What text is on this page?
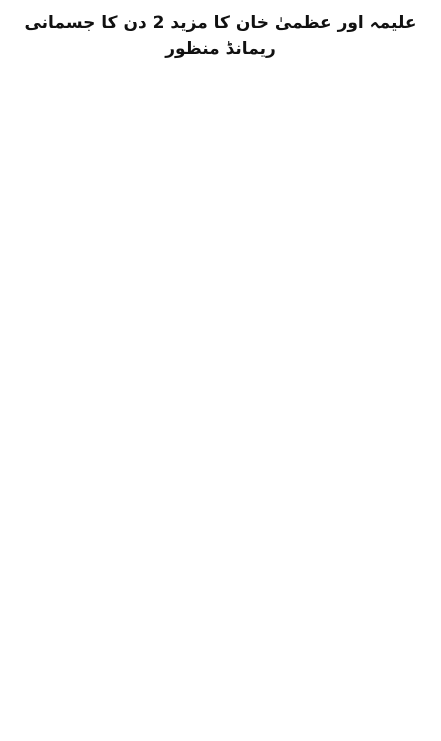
علیمہ اور عظمیٰ خان کا مزید 2 دن کا جسمانی ریمانڈ منظور
